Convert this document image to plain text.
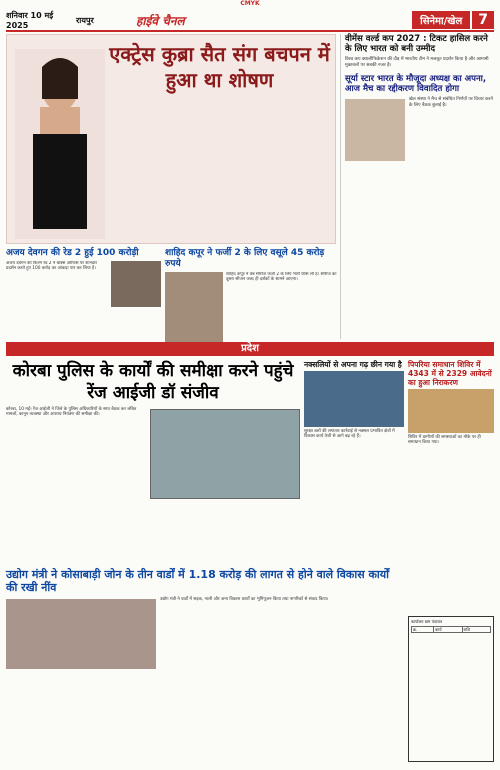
CMYK
शनिवार 10 मई 2025
रायपुर	हाईवे चैनल	सिनेमा/खेल	7
एक्ट्रेस कुब्रा सैत संग बचपन में हुआ था शोषण
वीमेंस वर्ल्ड कप 2027 : टिकट हासिल करने के लिए भारत को बनी उम्मीद

विश्व कप क्वालीफिकेशन की दौड़ में भारतीय टीम ने मजबूत प्रदर्शन किया है और आगामी मुकाबलों पर सबकी नजर है।

सूर्या स्टार भारत के मौजूदा अध्यक्ष का अपना, आज मैच का रद्दीकरण विवादित होगा

खेल संस्था ने मैच से संबंधित निर्णयों पर विचार करने के लिए बैठक बुलाई है।

अजय देवगन की रेड 2 हुई 100 करोड़ी

अजय देवगन की फिल्म रेड 2 ने बॉक्स ऑफिस पर शानदार प्रदर्शन करते हुए 100 करोड़ का आंकड़ा पार कर लिया है।

शाहिद कपूर ने फर्जी 2 के लिए वसूले 45 करोड़ रुपये

शाहिद कपूर ने वेब सीरीज फर्जी 2 के लिए भारी फीस ली है। सीरीज का दूसरा सीजन जल्द ही दर्शकों के सामने आएगा।

प्रदेश
कोरबा पुलिस के कार्यों की समीक्षा करने पहुंचे रेंज आईजी डॉ संजीव

कोरबा, 10 मई। रेंज आईजी ने जिले के पुलिस अधिकारियों के साथ बैठक कर लंबित मामलों, कानून व्यवस्था और अपराध नियंत्रण की समीक्षा की।

नक्सलियों से अपना गढ़ छीन गया है

सुरक्षा बलों की लगातार कार्रवाई से नक्सल प्रभावित क्षेत्रों में विकास कार्य तेजी से आगे बढ़ रहे हैं।

पिपरिया समाधान शिविर में 4343 में से 2329 आवेदनों का हुआ निराकरण

शिविर में ग्रामीणों की समस्याओं का मौके पर ही समाधान किया गया।

कार्यालय ग्राम पंचायत
क्र.	कार्य	राशि
उद्योग मंत्री ने कोसाबाड़ी जोन के तीन वार्डों में 1.18 करोड़ की लागत से होने वाले विकास कार्यों की रखी नींव

उद्योग मंत्री ने वार्डों में सड़क, नाली और अन्य विकास कार्यों का भूमिपूजन किया तथा नागरिकों से संवाद किया।
